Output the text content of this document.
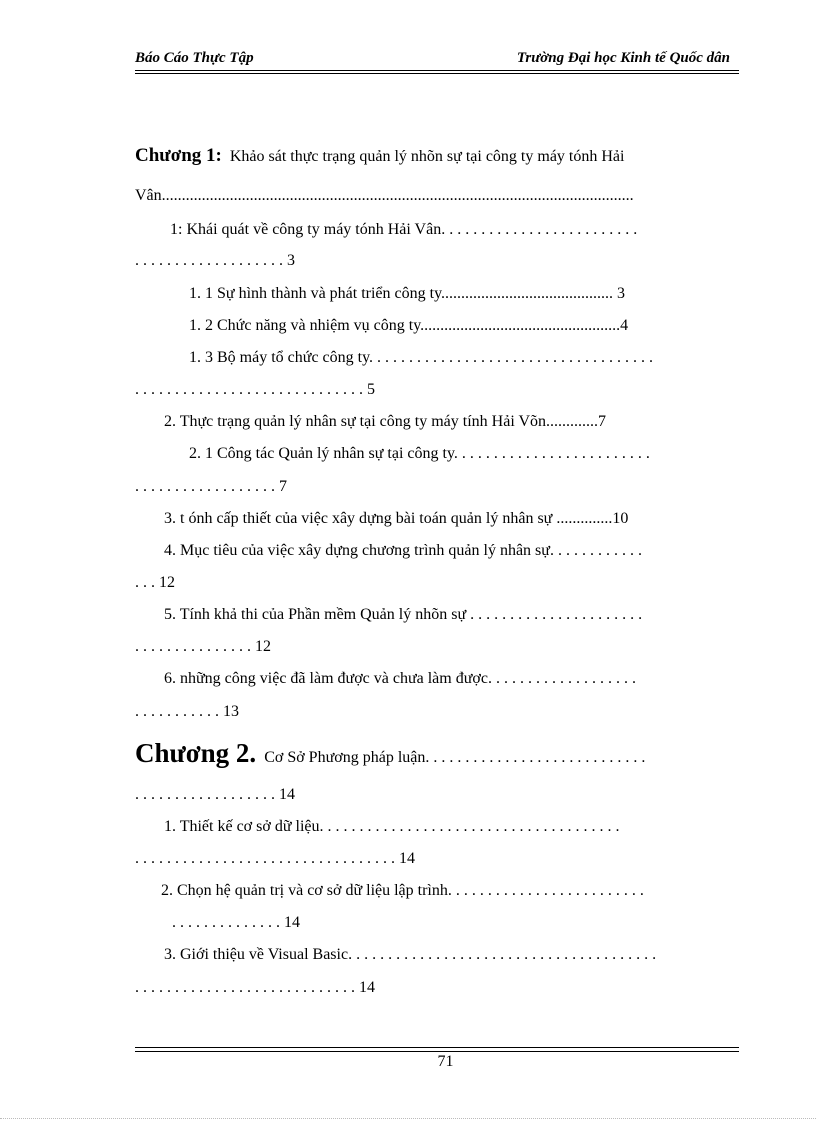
Báo Cáo Thực Tập	Trường Đại học Kinh tế Quốc dân
Chương 1: Khảo sát thực trạng quản lý nhõn sự tại công ty máy tónh Hải
Vân......................................................................................................................
1: Khái quát về công ty máy tónh Hải Vân. . . . . . . . . . . . . . . . . . . . . . . . .
. . . . . . . . . . . . . . . . . . . 3
1. 1 Sự hình thành và phát triển công ty........................................... 3
1. 2 Chức năng và nhiệm vụ công ty..................................................4
1. 3 Bộ máy tổ chức công ty. . . . . . . . . . . . . . . . . . . . . . . . . . . . . . . . . . . .
. . . . . . . . . . . . . . . . . . . . . . . . . . . . . 5
2. Thực trạng quản lý nhân sự tại công ty máy tính Hải Võn.............7
2. 1 Công tác Quản lý nhân sự tại công ty. . . . . . . . . . . . . . . . . . . . . . . . .
. . . . . . . . . . . . . . . . . . 7
3. t ónh cấp thiết của việc xây dựng bài toán quản lý nhân sự ..............10
4. Mục tiêu của việc xây dựng chương trình quản lý nhân sự. . . . . . . . . . . .
. . . 12
5. Tính khả thi của Phần mềm Quản lý nhõn sự . . . . . . . . . . . . . . . . . . . . . .
. . . . . . . . . . . . . . . 12
6. những công việc đã làm được và chưa làm được. . . . . . . . . . . . . . . . . . .
. . . . . . . . . . . 13
Chương 2. Cơ Sở Phương pháp luận. . . . . . . . . . . . . . . . . . . . . . . . . . . .
. . . . . . . . . . . . . . . . . . 14
1. Thiết kế cơ sở dữ liệu. . . . . . . . . . . . . . . . . . . . . . . . . . . . . . . . . . . . . .
. . . . . . . . . . . . . . . . . . . . . . . . . . . . . . . . . 14
2. Chọn hệ quản trị và cơ sở dữ liệu lập trình. . . . . . . . . . . . . . . . . . . . . . . . .
. . . . . . . . . . . . . . 14
3. Giới thiệu về Visual Basic. . . . . . . . . . . . . . . . . . . . . . . . . . . . . . . . . . . . . . .
. . . . . . . . . . . . . . . . . . . . . . . . . . . . 14
71
